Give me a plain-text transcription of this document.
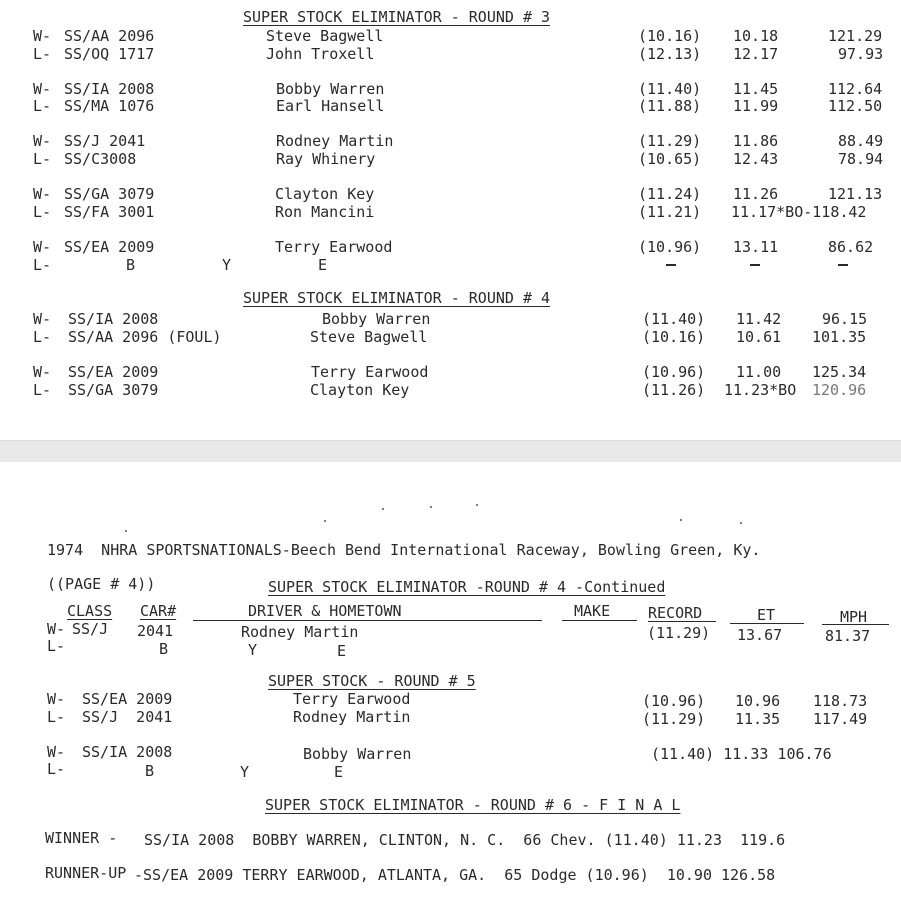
SUPER STOCK ELIMINATOR - ROUND # 3
W- SS/AA 2096	Steve Bagwell	(10.16) 10.18	121.29
L- SS/OQ 1717	John Troxell	(12.13) 12.17	97.93
W- SS/IA 2008	Bobby Warren	(11.40) 11.45	112.64
L- SS/MA 1076	Earl Hansell	(11.88) 11.99	112.50
W- SS/J 2041	Rodney Martin	(11.29) 11.86	88.49
L- SS/C3008	Ray Whinery	(10.65) 12.43	78.94
W- SS/GA 3079	Clayton Key	(11.24) 11.26	121.13
L- SS/FA 3001	Ron Mancini	(11.21) 11.17*BO-118.42
W- SS/EA 2009	Terry Earwood	(10.96) 13.11	86.62
L-	B	Y	E
SUPER STOCK ELIMINATOR - ROUND # 4
W- SS/IA 2008	Bobby Warren	(11.40) 11.42	96.15
L- SS/AA 2096 (FOUL)	Steve Bagwell	(10.16) 10.61 101.35
W- SS/EA 2009	Terry Earwood	(10.96) 11.00 125.34
L- SS/GA 3079	Clayton Key	(11.26) 11.23*BO 120.96
1974  NHRA SPORTSNATIONALS-Beech Bend International Raceway, Bowling Green, Ky.
((PAGE # 4))	SUPER STOCK ELIMINATOR -ROUND # 4 -Continued
CLASS CAR#	DRIVER & HOMETOWN	MAKE	RECORD	ET	MPH
W- SS/J 2041	Rodney Martin	(11.29) 13.67	81.37
L-	B	Y	E
SUPER STOCK - ROUND # 5
W- SS/EA 2009	Terry Earwood	(10.96) 10.96 118.73
L- SS/J  2041	Rodney Martin	(11.29) 11.35 117.49
W- SS/IA 2008	Bobby Warren	(11.40) 11.33 106.76
L-	B	Y	E
SUPER STOCK ELIMINATOR - ROUND # 6 - F I N A L
WINNER - SS/IA 2008  BOBBY WARREN, CLINTON, N. C.  66 Chev. (11.40) 11.23  119.6
RUNNER-UP -SS/EA 2009 TERRY EARWOOD, ATLANTA, GA.  65 Dodge (10.96)  10.90 126.58
